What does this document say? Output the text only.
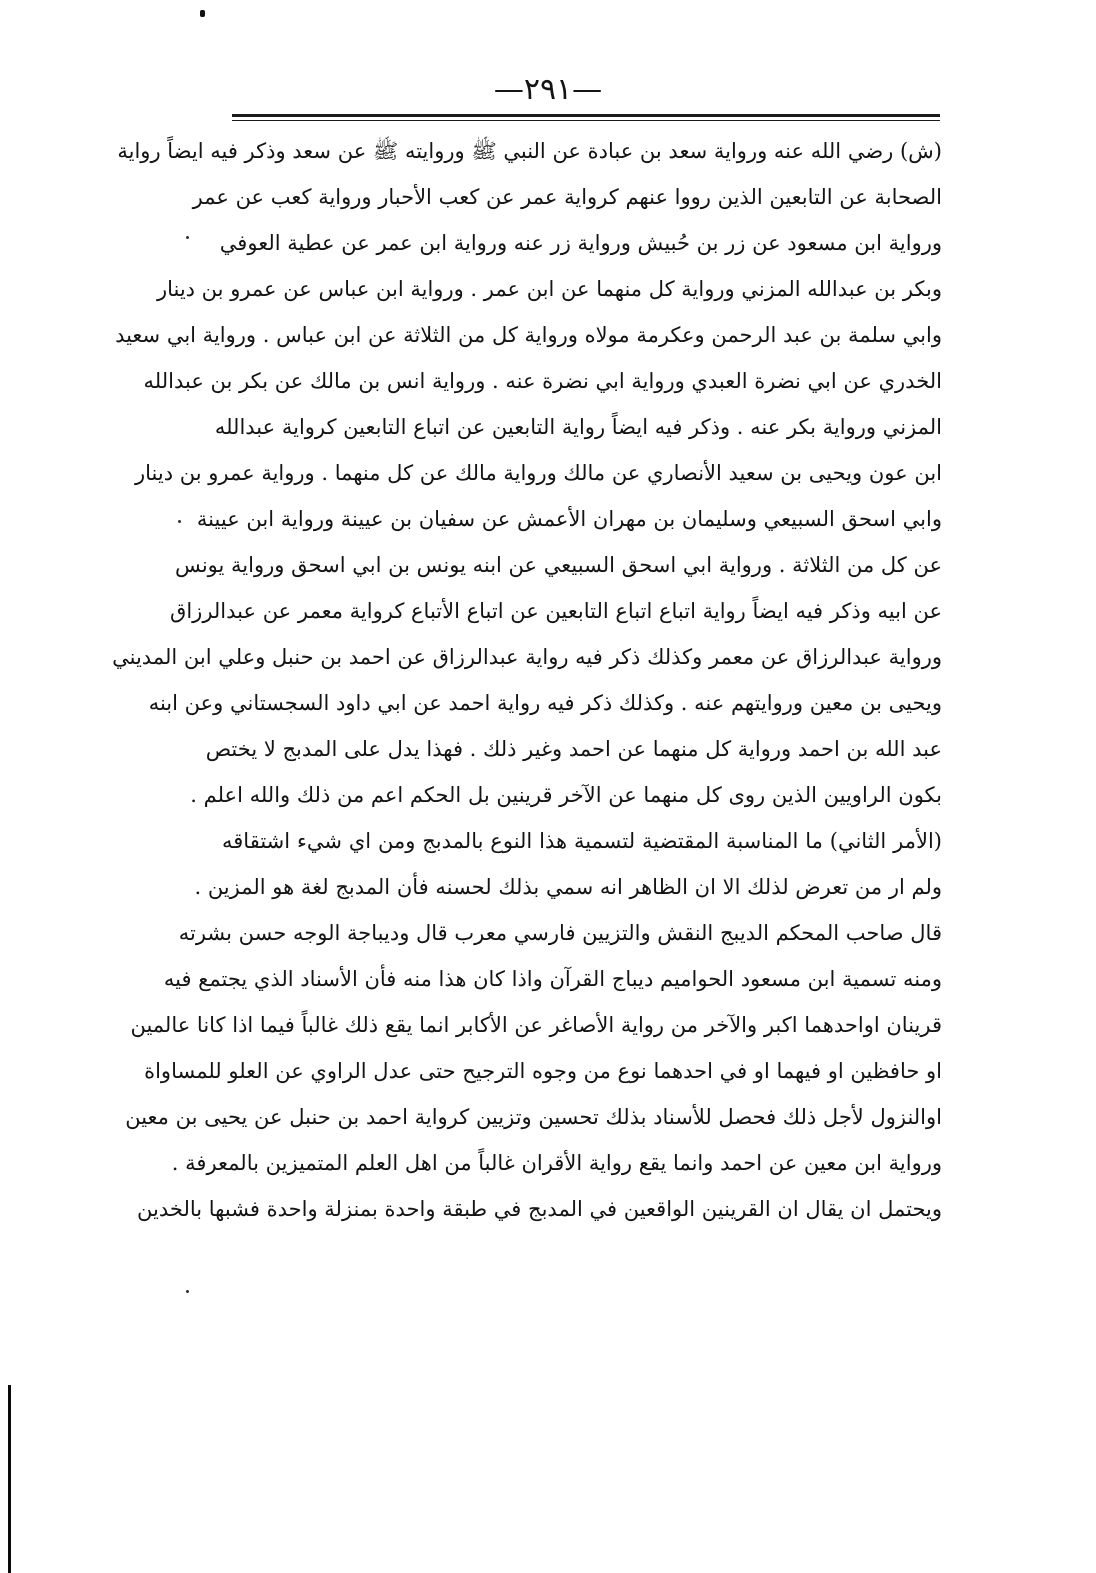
—٢٩١—
(ش) رضي الله عنه ورواية سعد بن عبادة عن النبي ﷺ وروايته ﷺ عن سعد وذكر فيه ايضاً رواية
الصحابة عن التابعين الذين رووا عنهم كرواية عمر عن كعب الأحبار ورواية كعب عن عمر
ورواية ابن مسعود عن زر بن حُبيش ورواية زر عنه ورواية ابن عمر عن عطية العوفي
وبكر بن عبدالله المزني ورواية كل منهما عن ابن عمر . ورواية ابن عباس عن عمرو بن دينار
وابي سلمة بن عبد الرحمن وعكرمة مولاه ورواية كل من الثلاثة عن ابن عباس . ورواية ابي سعيد
الخدري عن ابي نضرة العبدي ورواية ابي نضرة عنه . ورواية انس بن مالك عن بكر بن عبدالله
المزني ورواية بكر عنه . وذكر فيه ايضاً رواية التابعين عن اتباع التابعين كرواية عبدالله
ابن عون ويحيى بن سعيد الأنصاري عن مالك ورواية مالك عن كل منهما . ورواية عمرو بن دينار
وابي اسحق السبيعي وسليمان بن مهران الأعمش عن سفيان بن عيينة ورواية ابن عيينة
عن كل من الثلاثة . ورواية ابي اسحق السبيعي عن ابنه يونس بن ابي اسحق ورواية يونس
عن ابيه وذكر فيه ايضاً رواية اتباع اتباع التابعين عن اتباع الأتباع كرواية معمر عن عبدالرزاق
ورواية عبدالرزاق عن معمر وكذلك ذكر فيه رواية عبدالرزاق عن احمد بن حنبل وعلي ابن المديني
ويحيى بن معين وروايتهم عنه . وكذلك ذكر فيه رواية احمد عن ابي داود السجستاني وعن ابنه
عبد الله بن احمد ورواية كل منهما عن احمد وغير ذلك . فهذا يدل على المدبج لا يختص
بكون الراويين الذين روى كل منهما عن الآخر قرينين بل الحكم اعم من ذلك والله اعلم .
(الأمر الثاني) ما المناسبة المقتضية لتسمية هذا النوع بالمدبج ومن اي شيء اشتقاقه
ولم ار من تعرض لذلك الا ان الظاهر انه سمي بذلك لحسنه فأن المدبج لغة هو المزين .
قال صاحب المحكم الديبج النقش والتزيين فارسي معرب قال وديباجة الوجه حسن بشرته
ومنه تسمية ابن مسعود الحواميم ديباج القرآن واذا كان هذا منه فأن الأسناد الذي يجتمع فيه
قرينان اواحدهما اكبر والآخر من رواية الأصاغر عن الأكابر انما يقع ذلك غالباً فيما اذا كانا عالمين
او حافظين او فيهما او في احدهما نوع من وجوه الترجيح حتى عدل الراوي عن العلو للمساواة
اوالنزول لأجل ذلك فحصل للأسناد بذلك تحسين وتزيين كرواية احمد بن حنبل عن يحيى بن معين
ورواية ابن معين عن احمد وانما يقع رواية الأقران غالباً من اهل العلم المتميزين بالمعرفة .
ويحتمل ان يقال ان القرينين الواقعين في المدبج في طبقة واحدة بمنزلة واحدة فشبها بالخدين
